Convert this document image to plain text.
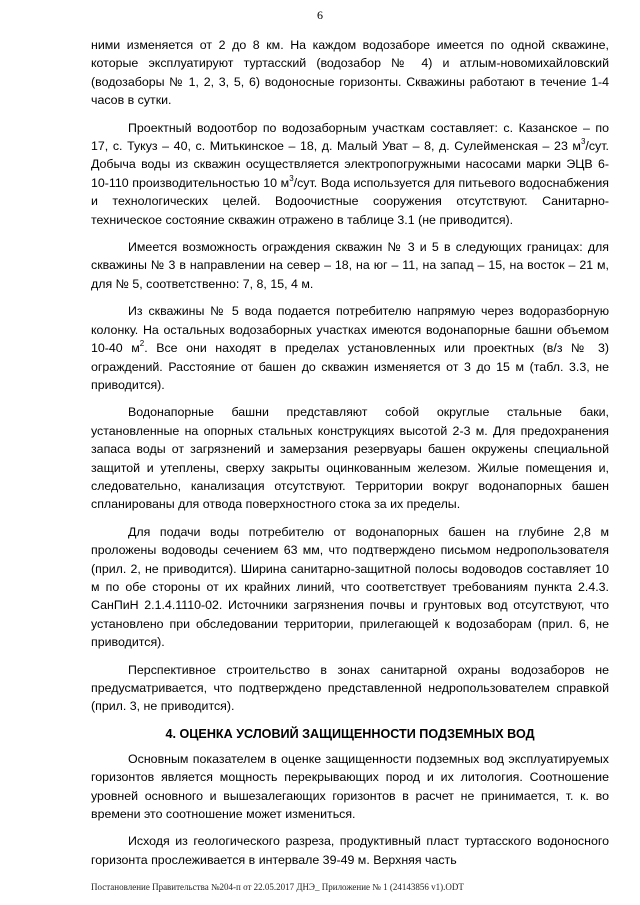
6

ними изменяется от 2 до 8 км. На каждом водозаборе имеется по одной скважине, которые эксплуатируют туртасский (водозабор № 4) и атлым-новомихайловский (водозаборы № 1, 2, 3, 5, 6) водоносные горизонты. Скважины работают в течение 1-4 часов в сутки.

Проектный водоотбор по водозаборным участкам составляет: с. Казанское – по 17, с. Тукуз – 40, с. Митькинское – 18, д. Малый Уват – 8, д. Сулейменская – 23 $м^3$/сут. Добыча воды из скважин осуществляется электропогружными насосами марки ЭЦВ 6-10-110 производительностью 10 $м^3$/сут. Вода используется для питьевого водоснабжения и технологических целей. Водоочистные сооружения отсутствуют. Санитарно-техническое состояние скважин отражено в таблице 3.1 (не приводится).

Имеется возможность ограждения скважин № 3 и 5 в следующих границах: для скважины № 3 в направлении на север – 18, на юг – 11, на запад – 15, на восток – 21 м, для № 5, соответственно: 7, 8, 15, 4 м.

Из скважины № 5 вода подается потребителю напрямую через водоразборную колонку. На остальных водозаборных участках имеются водонапорные башни объемом 10-40 $м^2$. Все они находят в пределах установленных или проектных (в/з № 3) ограждений. Расстояние от башен до скважин изменяется от 3 до 15 м (табл. 3.3, не приводится).

Водонапорные башни представляют собой округлые стальные баки, установленные на опорных стальных конструкциях высотой 2-3 м. Для предохранения запаса воды от загрязнений и замерзания резервуары башен окружены специальной защитой и утеплены, сверху закрыты оцинкованным железом. Жилые помещения и, следовательно, канализация отсутствуют. Территории вокруг водонапорных башен спланированы для отвода поверхностного стока за их пределы.

Для подачи воды потребителю от водонапорных башен на глубине 2,8 м проложены водоводы сечением 63 мм, что подтверждено письмом недропользователя (прил. 2, не приводится). Ширина санитарно-защитной полосы водоводов составляет 10 м по обе стороны от их крайних линий, что соответствует требованиям пункта 2.4.3. СанПиН 2.1.4.1110-02. Источники загрязнения почвы и грунтовых вод отсутствуют, что установлено при обследовании территории, прилегающей к водозаборам (прил. 6, не приводится).

Перспективное строительство в зонах санитарной охраны водозаборов не предусматривается, что подтверждено представленной недропользователем справкой (прил. 3, не приводится).

4. ОЦЕНКА УСЛОВИЙ ЗАЩИЩЕННОСТИ ПОДЗЕМНЫХ ВОД

Основным показателем в оценке защищенности подземных вод эксплуатируемых горизонтов является мощность перекрывающих пород и их литология. Соотношение уровней основного и вышезалегающих горизонтов в расчет не принимается, т. к. во времени это соотношение может измениться.

Исходя из геологического разреза, продуктивный пласт туртасского водоносного горизонта прослеживается в интервале 39-49 м. Верхняя часть

Постановление Правительства №204-п от 22.05.2017 ДНЭ_ Приложение № 1 (24143856 v1).ODT
